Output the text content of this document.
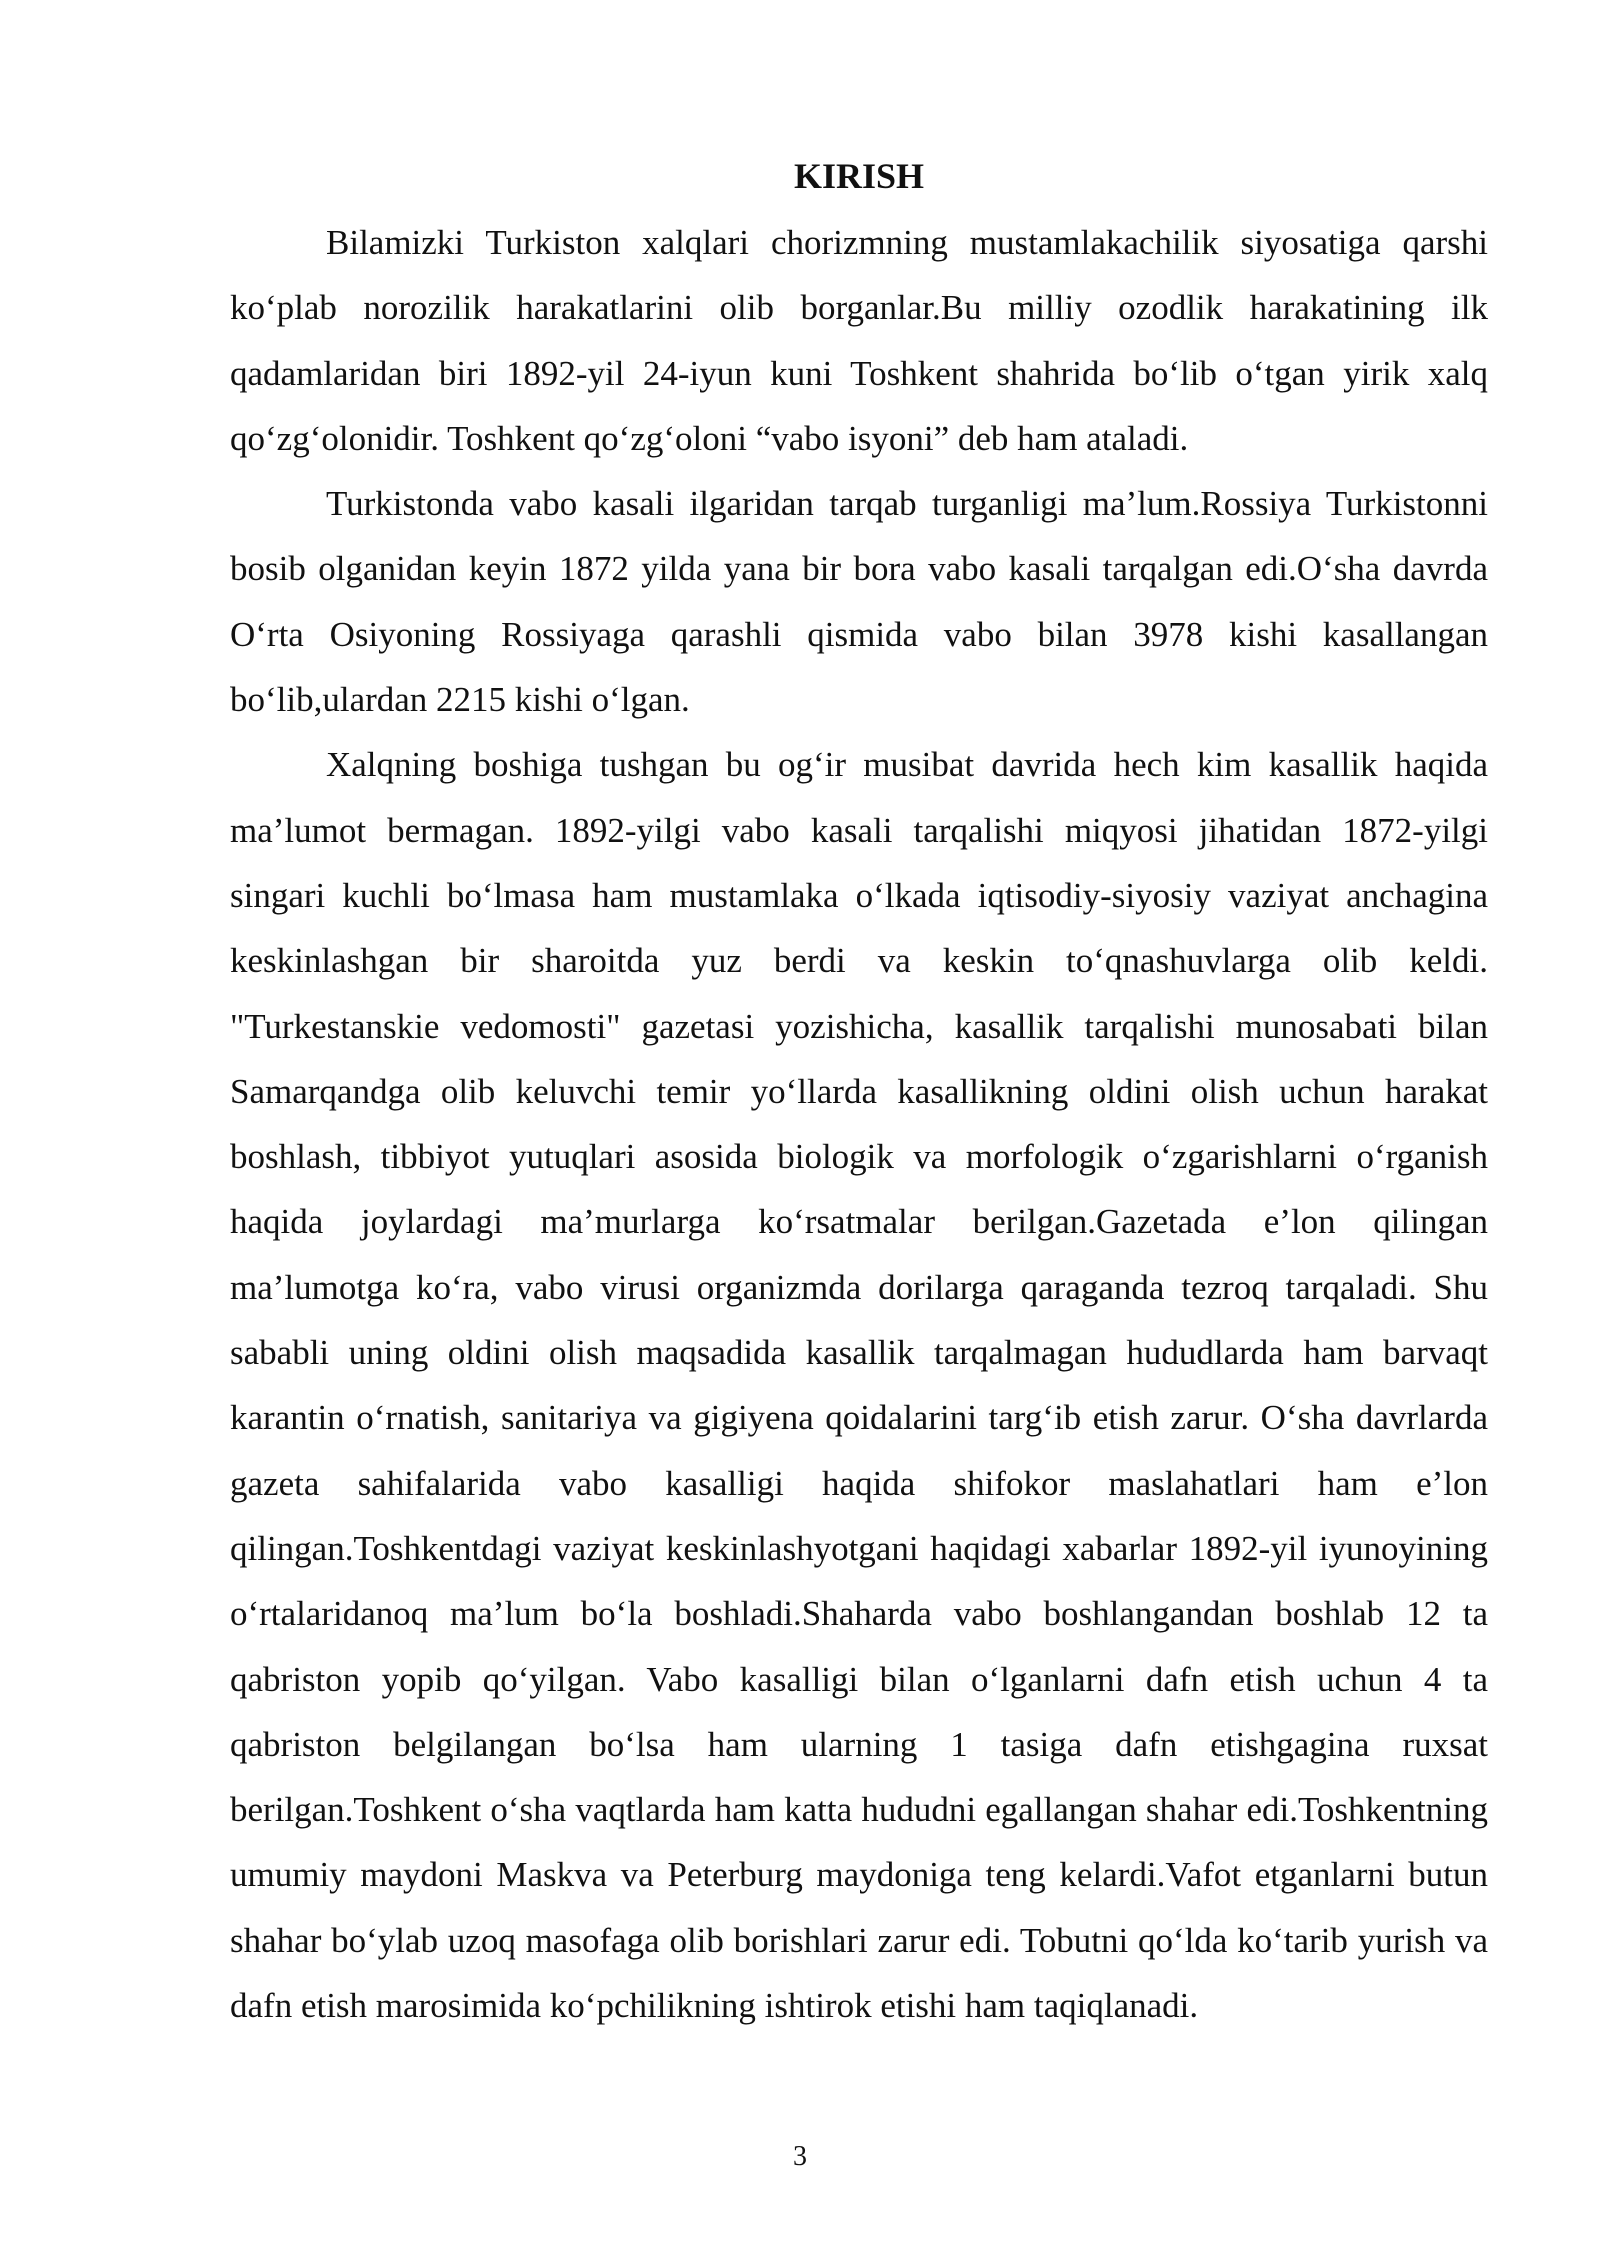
KIRISH

Bilamizki Turkiston xalqlari chorizmning mustamlakachilik siyosatiga qarshi ko‘plab norozilik harakatlarini olib borganlar.Bu milliy ozodlik harakatining ilk qadamlaridan biri 1892-yil 24-iyun kuni Toshkent shahrida bo‘lib o‘tgan yirik xalq qo‘zg‘olonidir. Toshkent qo‘zg‘oloni “vabo isyoni” deb ham ataladi.

Turkistonda vabo kasali ilgaridan tarqab turganligi ma’lum.Rossiya Turkistonni bosib olganidan keyin 1872 yilda yana bir bora vabo kasali tarqalgan edi.O‘sha davrda O‘rta Osiyoning Rossiyaga qarashli qismida vabo bilan 3978 kishi kasallangan bo‘lib,ulardan 2215 kishi o‘lgan.

Xalqning boshiga tushgan bu og‘ir musibat davrida hech kim kasallik haqida ma’lumot bermagan. 1892-yilgi vabo kasali tarqalishi miqyosi jihatidan 1872-yilgi singari kuchli bo‘lmasa ham mustamlaka o‘lkada iqtisodiy-siyosiy vaziyat anchagina keskinlashgan bir sharoitda yuz berdi va keskin to‘qnashuvlarga olib keldi. "Turkestanskie vedomosti" gazetasi yozishicha, kasallik tarqalishi munosabati bilan Samarqandga olib keluvchi temir yo‘llarda kasallikning oldini olish uchun harakat boshlash, tibbiyot yutuqlari asosida biologik va morfologik o‘zgarishlarni o‘rganish haqida joylardagi ma’murlarga ko‘rsatmalar berilgan.Gazetada e’lon qilingan ma’lumotga ko‘ra, vabo virusi organizmda dorilarga qaraganda tezroq tarqaladi. Shu sababli uning oldini olish maqsadida kasallik tarqalmagan hududlarda ham barvaqt karantin o‘rnatish, sanitariya va gigiyena qoidalarini targ‘ib etish zarur. O‘sha davrlarda gazeta sahifalarida vabo kasalligi haqida shifokor maslahatlari ham e’lon qilingan.Toshkentdagi vaziyat keskinlashyotgani haqidagi xabarlar 1892-yil iyunoyining o‘rtalaridanoq ma’lum bo‘la boshladi.Shaharda vabo boshlangandan boshlab 12 ta qabriston yopib qo‘yilgan. Vabo kasalligi bilan o‘lganlarni dafn etish uchun 4 ta qabriston belgilangan bo‘lsa ham ularning 1 tasiga dafn etishgagina ruxsat berilgan.Toshkent o‘sha vaqtlarda ham katta hududni egallangan shahar edi.Toshkentning umumiy maydoni Maskva va Peterburg maydoniga teng kelardi.Vafot etganlarni butun shahar bo‘ylab uzoq masofaga olib borishlari zarur edi. Tobutni qo‘lda ko‘tarib yurish va dafn etish marosimida ko‘pchilikning ishtirok etishi ham taqiqlanadi.

3
